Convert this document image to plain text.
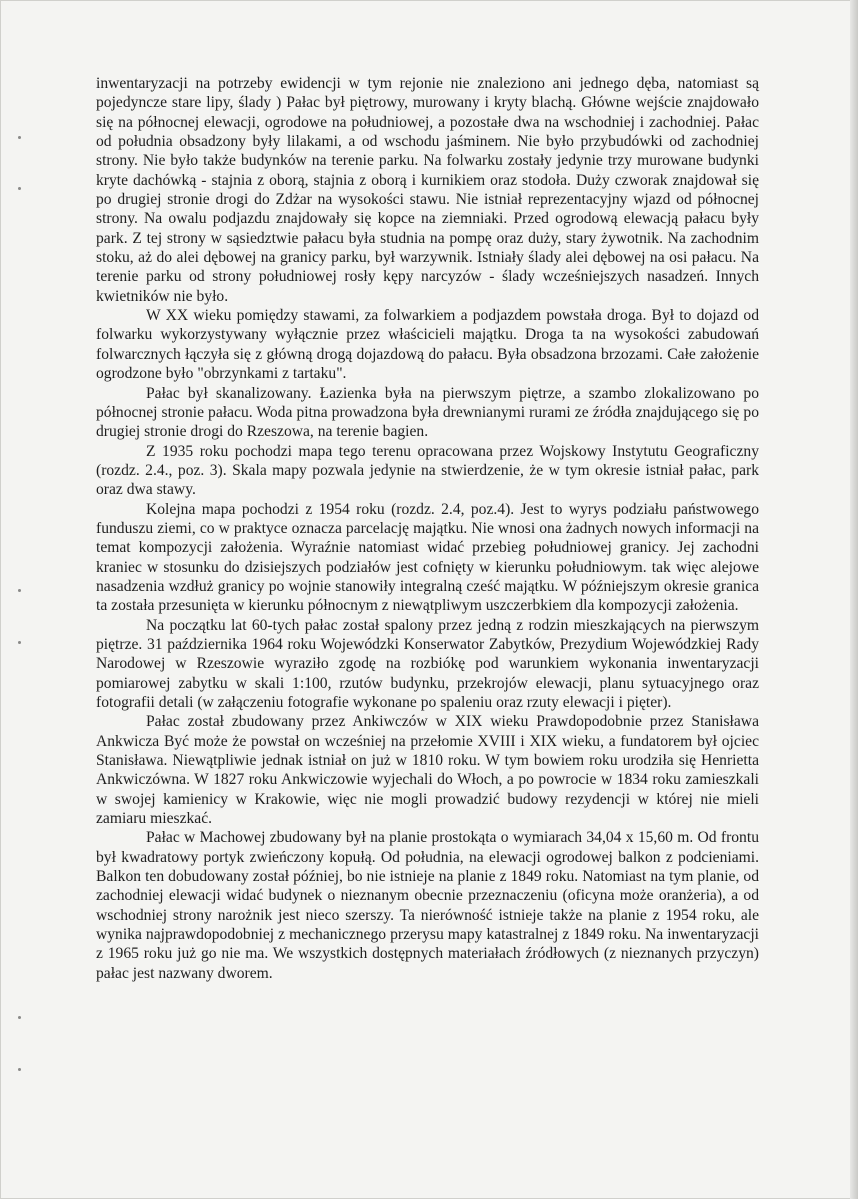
inwentaryzacji na potrzeby ewidencji w tym rejonie nie znaleziono ani jednego dęba, natomiast są pojedyncze stare lipy, ślady ) Pałac był piętrowy, murowany i kryty blachą. Główne wejście znajdowało się na północnej elewacji, ogrodowe na południowej, a pozostałe dwa na wschodniej i zachodniej. Pałac od południa obsadzony były lilakami, a od wschodu jaśminem. Nie było przybudówki od zachodniej strony. Nie było także budynków na terenie parku. Na folwarku zostały jedynie trzy murowane budynki kryte dachówką - stajnia z oborą, stajnia z oborą i kurnikiem oraz stodoła. Duży czworak znajdował się po drugiej stronie drogi do Zdżar na wysokości stawu. Nie istniał reprezentacyjny wjazd od północnej strony. Na owalu podjazdu znajdowały się kopce na ziemniaki. Przed ogrodową elewacją pałacu były park. Z tej strony w sąsiedztwie pałacu była studnia na pompę oraz duży, stary żywotnik. Na zachodnim stoku, aż do alei dębowej na granicy parku, był warzywnik. Istniały ślady alei dębowej na osi pałacu. Na terenie parku od strony południowej rosły kępy narcyzów - ślady wcześniejszych nasadzeń. Innych kwietników nie było.

W XX wieku pomiędzy stawami, za folwarkiem a podjazdem powstała droga. Był to dojazd od folwarku wykorzystywany wyłącznie przez właścicieli majątku. Droga ta na wysokości zabudowań folwarcznych łączyła się z główną drogą dojazdową do pałacu. Była obsadzona brzozami. Całe założenie ogrodzone było "obrzynkami z tartaku".

Pałac był skanalizowany. Łazienka była na pierwszym piętrze, a szambo zlokalizowano po północnej stronie pałacu. Woda pitna prowadzona była drewnianymi rurami ze źródła znajdującego się po drugiej stronie drogi do Rzeszowa, na terenie bagien.

Z 1935 roku pochodzi mapa tego terenu opracowana przez Wojskowy Instytutu Geograficzny (rozdz. 2.4., poz. 3). Skala mapy pozwala jedynie na stwierdzenie, że w tym okresie istniał pałac, park oraz dwa stawy.

Kolejna mapa pochodzi z 1954 roku (rozdz. 2.4, poz.4). Jest to wyrys podziału państwowego funduszu ziemi, co w praktyce oznacza parcelację majątku. Nie wnosi ona żadnych nowych informacji na temat kompozycji założenia. Wyraźnie natomiast widać przebieg południowej granicy. Jej zachodni kraniec w stosunku do dzisiejszych podziałów jest cofnięty w kierunku południowym. tak więc alejowe nasadzenia wzdłuż granicy po wojnie stanowiły integralną cześć majątku. W późniejszym okresie granica ta została przesunięta w kierunku północnym z niewątpliwym uszczerbkiem dla kompozycji założenia.

Na początku lat 60-tych pałac został spalony przez jedną z rodzin mieszkających na pierwszym piętrze. 31 października 1964 roku Wojewódzki Konserwator Zabytków, Prezydium Wojewódzkiej Rady Narodowej w Rzeszowie wyraziło zgodę na rozbiókę pod warunkiem wykonania inwentaryzacji pomiarowej zabytku w skali 1:100, rzutów budynku, przekrojów elewacji, planu sytuacyjnego oraz fotografii detali (w załączeniu fotografie wykonane po spaleniu oraz rzuty elewacji i pięter).

Pałac został zbudowany przez Ankiwczów w XIX wieku Prawdopodobnie przez Stanisława Ankwicza Być może że powstał on wcześniej na przełomie XVIII i XIX wieku, a fundatorem był ojciec Stanisława. Niewątpliwie jednak istniał on już w 1810 roku. W tym bowiem roku urodziła się Henrietta Ankwiczówna. W 1827 roku Ankwiczowie wyjechali do Włoch, a po powrocie w 1834 roku zamieszkali w swojej kamienicy w Krakowie, więc nie mogli prowadzić budowy rezydencji w której nie mieli zamiaru mieszkać.

Pałac w Machowej zbudowany był na planie prostokąta o wymiarach 34,04 x 15,60 m. Od frontu był kwadratowy portyk zwieńczony kopułą. Od południa, na elewacji ogrodowej balkon z podcieniami. Balkon ten dobudowany został później, bo nie istnieje na planie z 1849 roku. Natomiast na tym planie, od zachodniej elewacji widać budynek o nieznanym obecnie przeznaczeniu (oficyna może oranżeria), a od wschodniej strony narożnik jest nieco szerszy. Ta nierówność istnieje także na planie z 1954 roku, ale wynika najprawdopodobniej z mechanicznego przerysu mapy katastralnej z 1849 roku. Na inwentaryzacji z 1965 roku już go nie ma. We wszystkich dostępnych materiałach źródłowych (z nieznanych przyczyn) pałac jest nazwany dworem.
